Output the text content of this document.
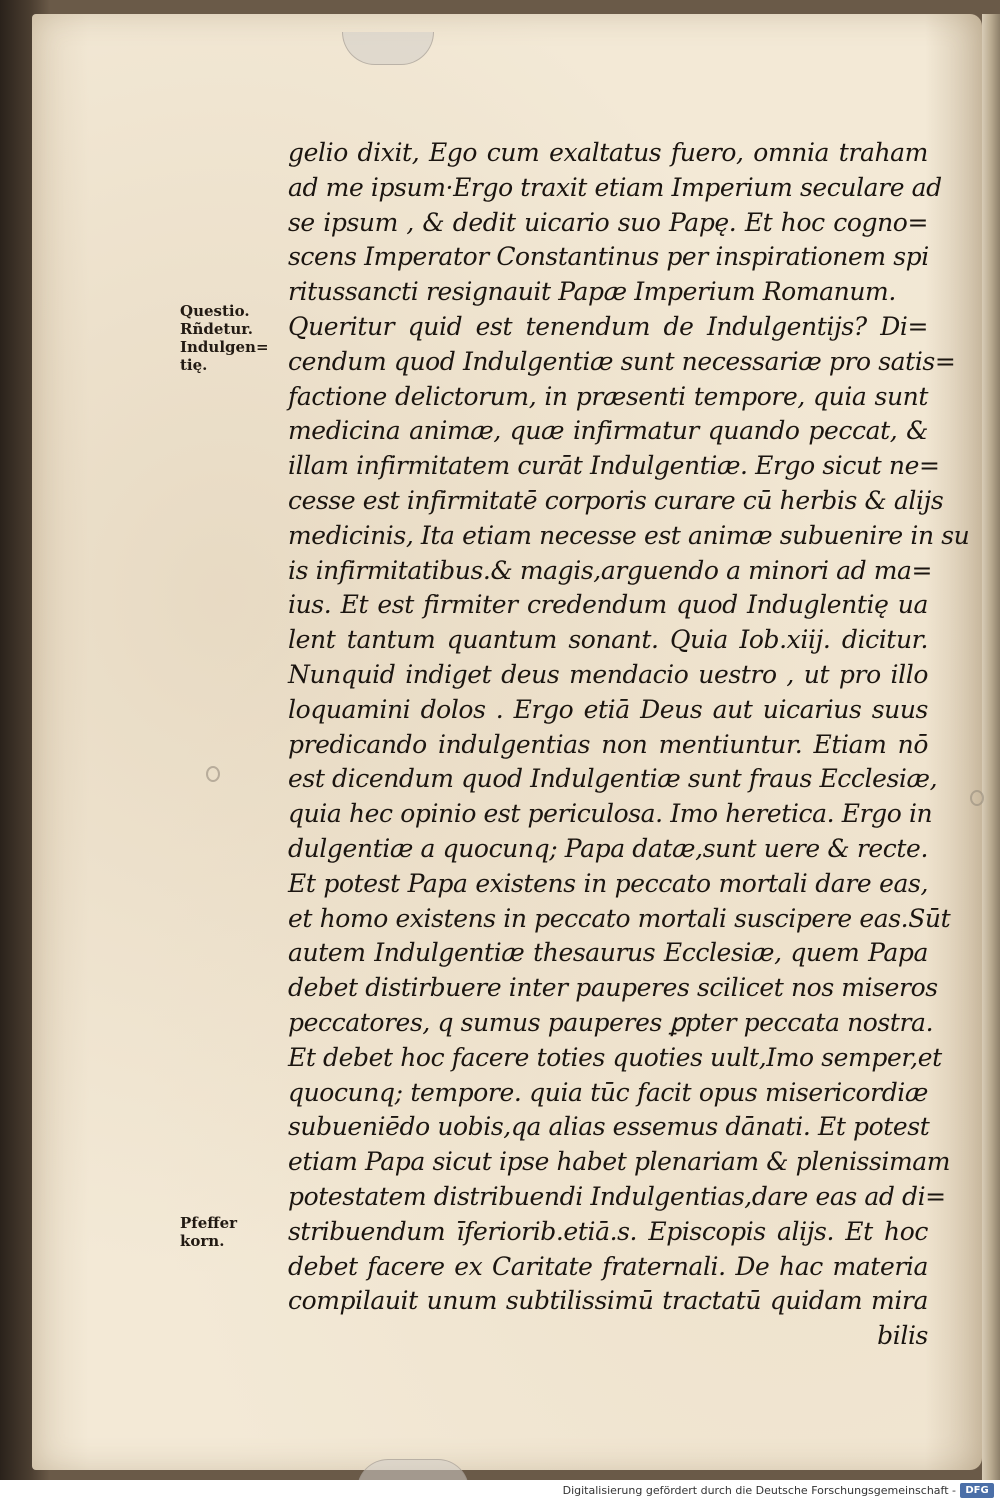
Questio.
Rñdetur.
Indulgen=
tię.
Pfeffer
korn.
gelio dixit, Ego cum exaltatus fuero, omnia traham
ad me ipsum·Ergo traxit etiam Imperium seculare ad
se ipsum , & dedit uicario suo Papę. Et hoc cogno=
scens Imperator Constantinus per inspirationem spi
ritussancti resignauit Papæ Imperium Romanum.
Queritur quid est tenendum de Indulgentijs? Di=
cendum quod Indulgentiæ sunt necessariæ pro satis=
factione delictorum, in præsenti tempore, quia sunt
medicina animæ, quæ infirmatur quando peccat, &
illam infirmitatem curāt Indulgentiæ. Ergo sicut ne=
cesse est infirmitatē corporis curare cū herbis & alijs
medicinis, Ita etiam necesse est animæ subuenire in su
is infirmitatibus.& magis,arguendo a minori ad ma=
ius. Et est firmiter credendum quod Induglentię ua
lent tantum quantum sonant. Quia Iob.xiij. dicitur.
Nunquid indiget deus mendacio uestro , ut pro illo
loquamini dolos . Ergo etiā Deus aut uicarius suus
predicando indulgentias non mentiuntur. Etiam nō
est dicendum quod Indulgentiæ sunt fraus Ecclesiæ,
quia hec opinio est periculosa. Imo heretica. Ergo in
dulgentiæ a quocunq; Papa datæ,sunt uere & recte.
Et potest Papa existens in peccato mortali dare eas,
et homo existens in peccato mortali suscipere eas.Sūt
autem Indulgentiæ thesaurus Ecclesiæ, quem Papa
debet distirbuere inter pauperes scilicet nos miseros
peccatores, q sumus pauperes ꝑpter peccata nostra.
Et debet hoc facere toties quoties uult,Imo semper,et
quocunq; tempore. quia tūc facit opus misericordiæ
subueniēdo uobis,qa alias essemus dānati. Et potest
etiam Papa sicut ipse habet plenariam & plenissimam
potestatem distribuendi Indulgentias,dare eas ad di=
stribuendum īferiorib.etiā.s. Episcopis alijs. Et hoc
debet facere ex Caritate fraternali. De hac materia
compilauit unum subtilissimū tractatū quidam mira
bilis
Digitalisierung gefördert durch die Deutsche Forschungsgemeinschaft - DFG
